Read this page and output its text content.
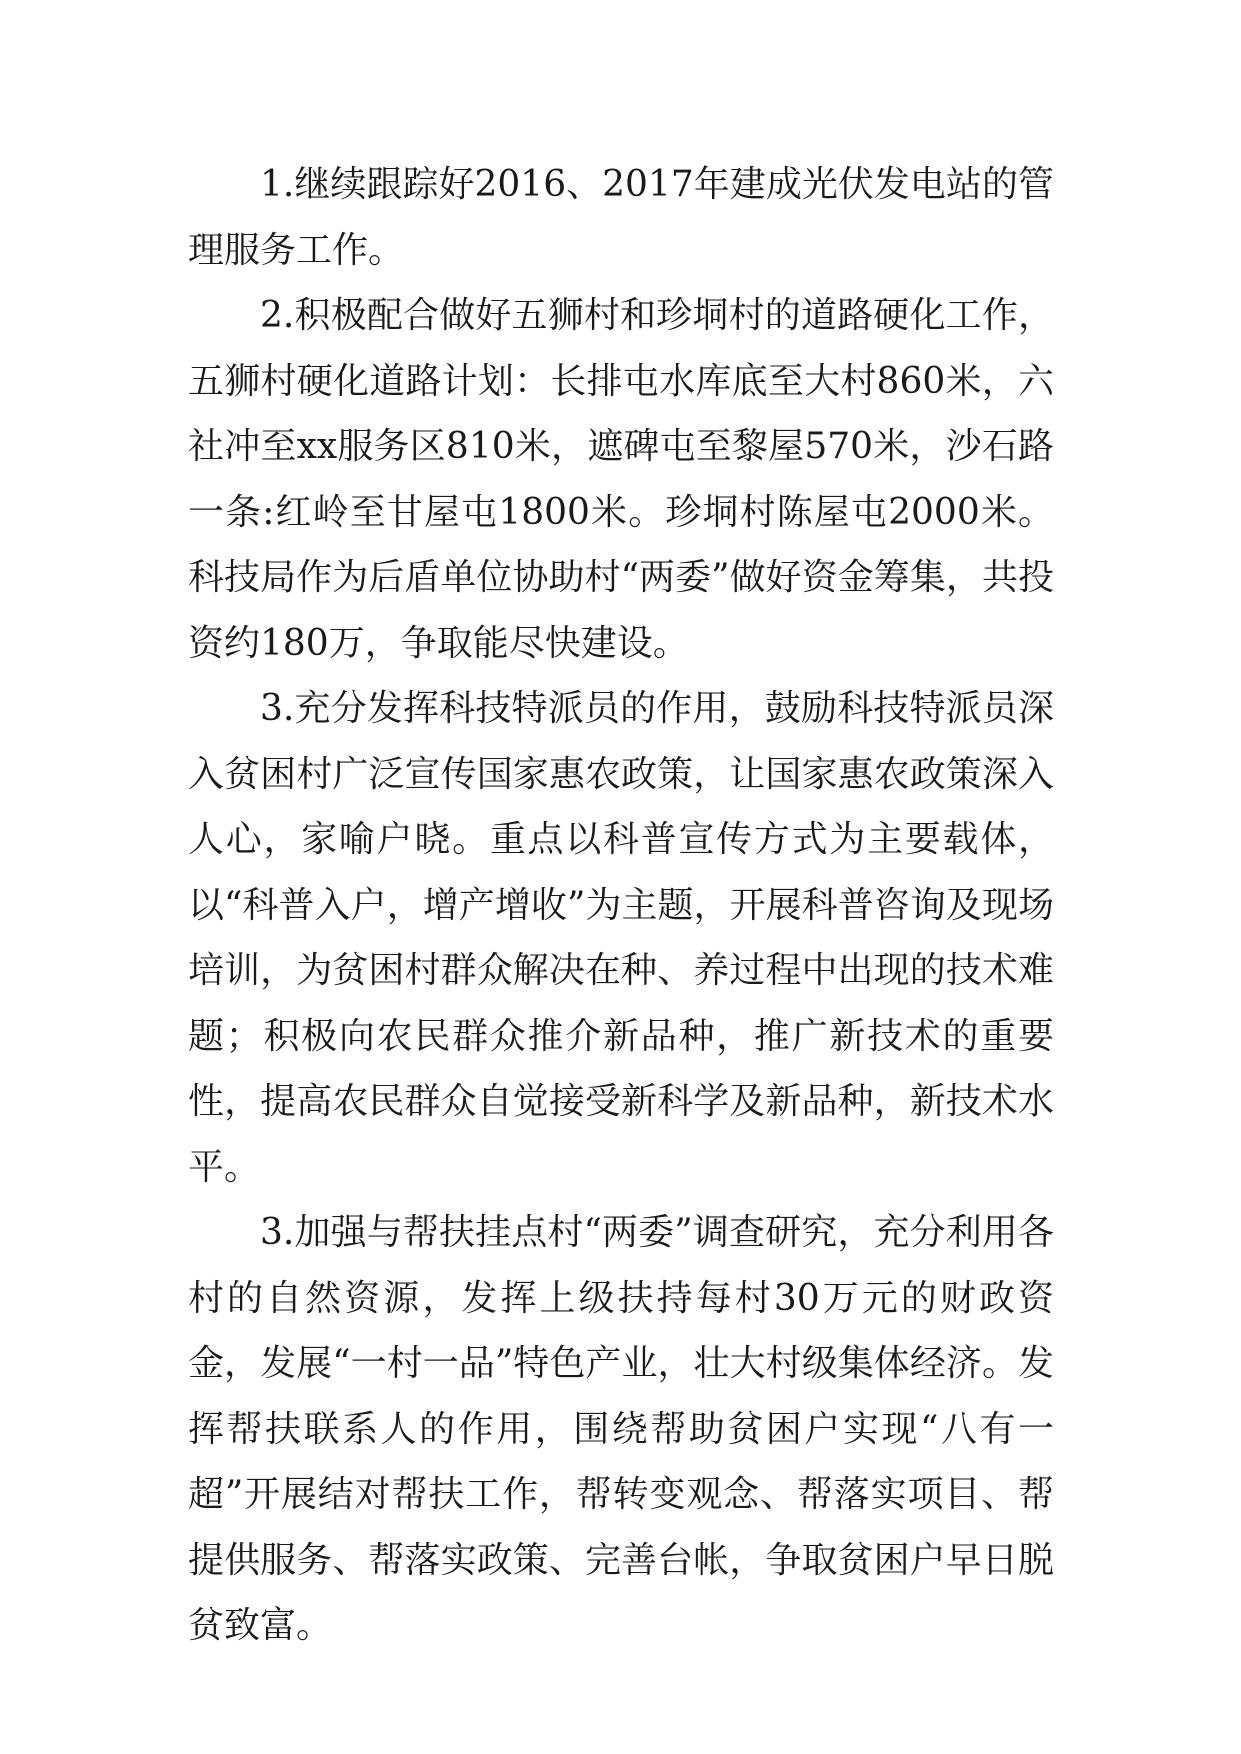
1.继续跟踪好2016、2017年建成光伏发电站的管理服务工作。

2.积极配合做好五狮村和珍垌村的道路硬化工作，五狮村硬化道路计划：长排屯水库底至大村860米，六社冲至xx服务区810米，遮碑屯至黎屋570米，沙石路一条:红岭至甘屋屯1800米。珍垌村陈屋屯2000米。科技局作为后盾单位协助村“两委”做好资金筹集，共投资约180万，争取能尽快建设。

3.充分发挥科技特派员的作用，鼓励科技特派员深入贫困村广泛宣传国家惠农政策，让国家惠农政策深入人心，家喻户晓。重点以科普宣传方式为主要载体，以“科普入户，增产增收”为主题，开展科普咨询及现场培训，为贫困村群众解决在种、养过程中出现的技术难题；积极向农民群众推介新品种，推广新技术的重要性，提高农民群众自觉接受新科学及新品种，新技术水平。

3.加强与帮扶挂点村“两委”调查研究，充分利用各村的自然资源，发挥上级扶持每村30万元的财政资金，发展“一村一品”特色产业，壮大村级集体经济。发挥帮扶联系人的作用，围绕帮助贫困户实现“八有一超”开展结对帮扶工作，帮转变观念、帮落实项目、帮提供服务、帮落实政策、完善台帐，争取贫困户早日脱贫致富。
